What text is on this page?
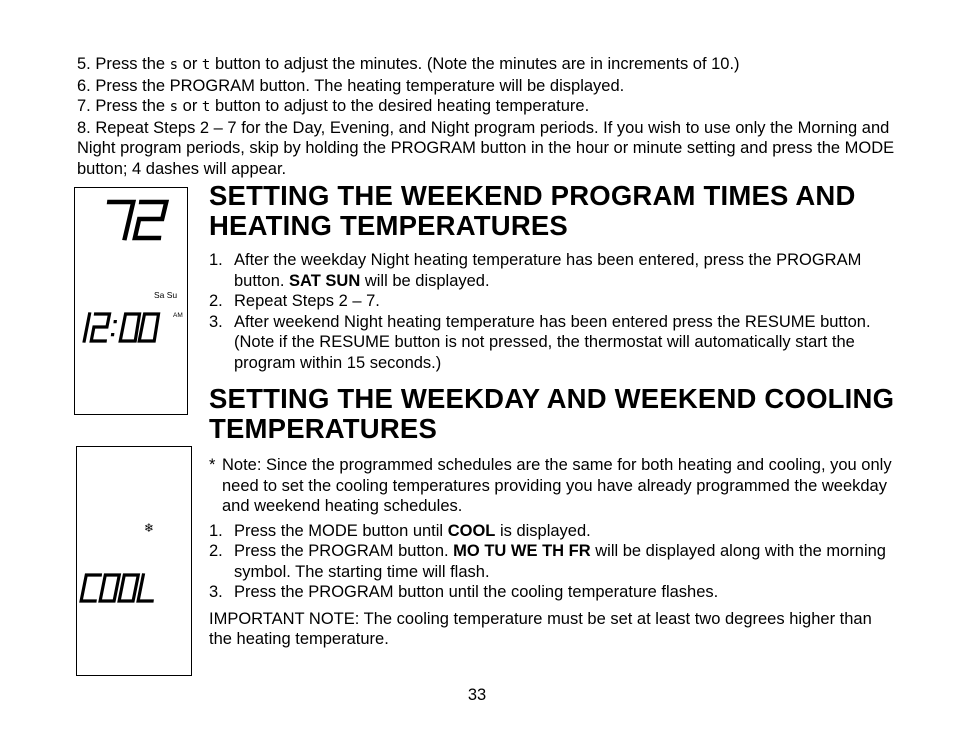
5. Press the s or t button to adjust the minutes. (Note the minutes are in increments of 10.)

6. Press the PROGRAM button. The heating temperature will be displayed.

7. Press the s or t button to adjust to the desired heating temperature.

8. Repeat Steps 2 – 7 for the Day, Evening, and Night program periods. If you wish to use only the Morning and Night program periods, skip by holding the PROGRAM button in the hour or minute setting and press the MODE button; 4 dashes will appear.

Sa Su
AM
❄
SETTING THE WEEKEND PROGRAM TIMES AND HEATING TEMPERATURES
1. After the weekday Night heating temperature has been entered, press the PROGRAM button. SAT SUN will be displayed.
2. Repeat Steps 2 – 7.
3. After weekend Night heating temperature has been entered press the RESUME button. (Note if the RESUME button is not pressed, the thermostat will automatically start the program within 15 seconds.)
SETTING THE WEEKDAY AND WEEKEND COOLING TEMPERATURES
* Note: Since the programmed schedules are the same for both heating and cooling, you only need to set the cooling temperatures providing you have already programmed the weekday and weekend heating schedules.
1. Press the MODE button until COOL is displayed.
2. Press the PROGRAM button. MO TU WE TH FR will be displayed along with the morning symbol. The starting time will flash.
3. Press the PROGRAM button until the cooling temperature flashes.

IMPORTANT NOTE: The cooling temperature must be set at least two degrees higher than the heating temperature.

33
